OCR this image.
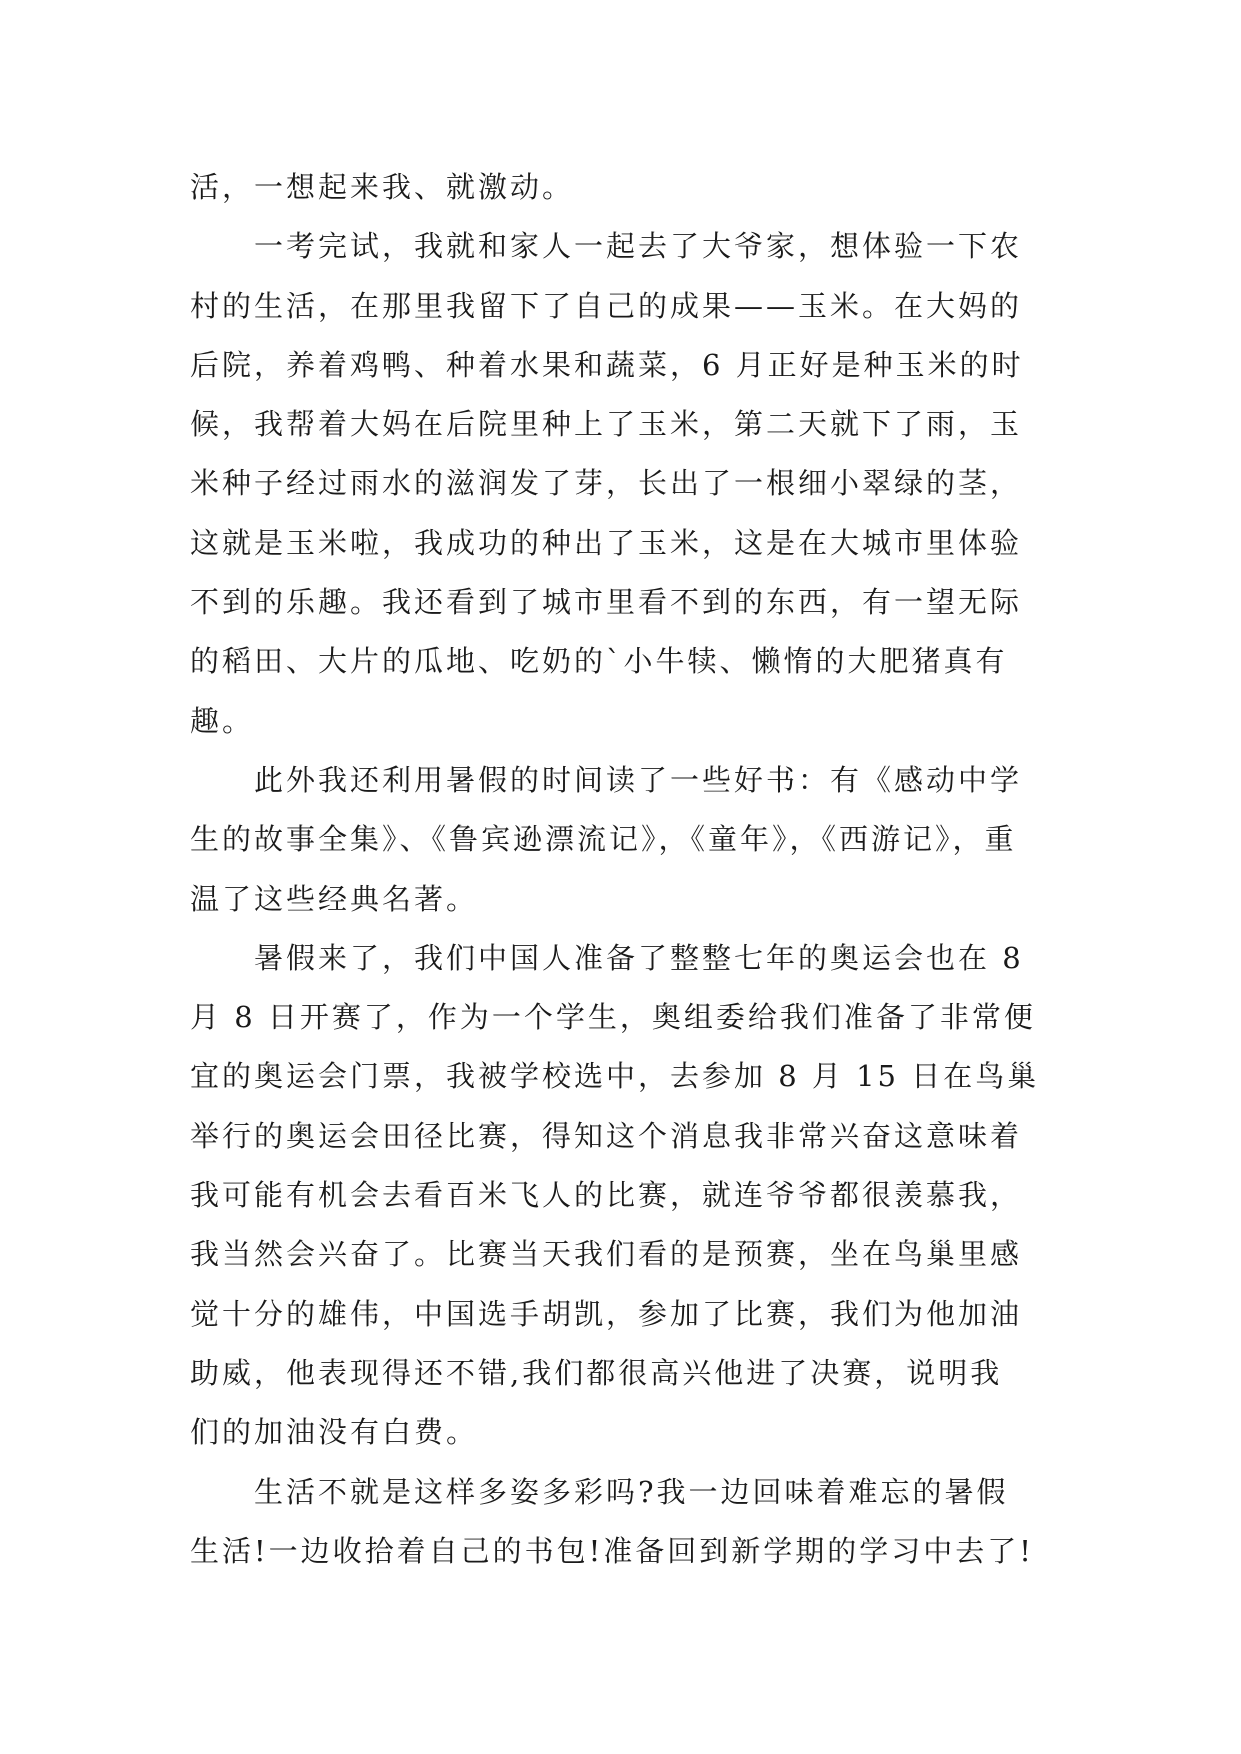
活，一想起来我、就激动。
一考完试，我就和家人一起去了大爷家，想体验一下农
村的生活，在那里我留下了自己的成果——玉米。在大妈的
后院，养着鸡鸭、种着水果和蔬菜，6 月正好是种玉米的时
候，我帮着大妈在后院里种上了玉米，第二天就下了雨，玉
米种子经过雨水的滋润发了芽，长出了一根细小翠绿的茎，
这就是玉米啦，我成功的种出了玉米，这是在大城市里体验
不到的乐趣。我还看到了城市里看不到的东西，有一望无际
的稻田、大片的瓜地、吃奶的`小牛犊、懒惰的大肥猪真有
趣。
此外我还利用暑假的时间读了一些好书：有《感动中学
生的故事全集》、《鲁宾逊漂流记》，《童年》，《西游记》，重
温了这些经典名著。
暑假来了，我们中国人准备了整整七年的奥运会也在 8
月 8 日开赛了，作为一个学生，奥组委给我们准备了非常便
宜的奥运会门票，我被学校选中，去参加 8 月 15 日在鸟巢
举行的奥运会田径比赛，得知这个消息我非常兴奋这意味着
我可能有机会去看百米飞人的比赛，就连爷爷都很羡慕我，
我当然会兴奋了。比赛当天我们看的是预赛，坐在鸟巢里感
觉十分的雄伟，中国选手胡凯，参加了比赛，我们为他加油
助威，他表现得还不错,我们都很高兴他进了决赛，说明我
们的加油没有白费。
生活不就是这样多姿多彩吗?我一边回味着难忘的暑假
生活!一边收拾着自己的书包!准备回到新学期的学习中去了!
